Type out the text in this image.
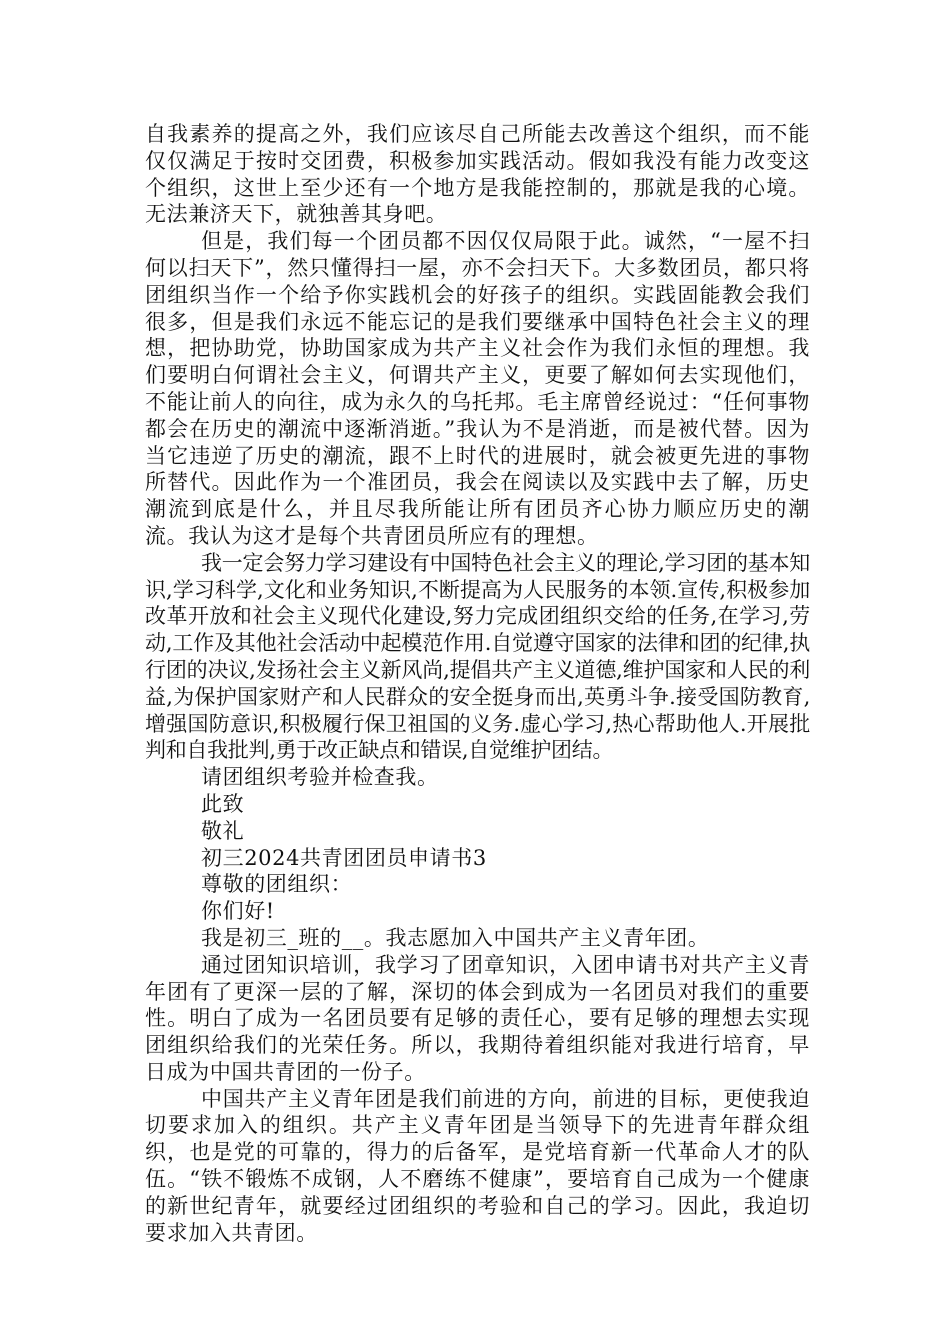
自我素养的提高之外，我们应该尽自己所能去改善这个组织，而不能仅仅满足于按时交团费，积极参加实践活动。假如我没有能力改变这个组织，这世上至少还有一个地方是我能控制的，那就是我的心境。无法兼济天下，就独善其身吧。

但是，我们每一个团员都不因仅仅局限于此。诚然，“一屋不扫何以扫天下”，然只懂得扫一屋，亦不会扫天下。大多数团员，都只将团组织当作一个给予你实践机会的好孩子的组织。实践固能教会我们很多，但是我们永远不能忘记的是我们要继承中国特色社会主义的理想，把协助党，协助国家成为共产主义社会作为我们永恒的理想。我们要明白何谓社会主义，何谓共产主义，更要了解如何去实现他们，不能让前人的向往，成为永久的乌托邦。毛主席曾经说过：“任何事物都会在历史的潮流中逐渐消逝。”我认为不是消逝，而是被代替。因为当它违逆了历史的潮流，跟不上时代的进展时，就会被更先进的事物所替代。因此作为一个准团员，我会在阅读以及实践中去了解，历史潮流到底是什么，并且尽我所能让所有团员齐心协力顺应历史的潮流。我认为这才是每个共青团员所应有的理想。

我一定会努力学习建设有中国特色社会主义的理论,学习团的基本知识,学习科学,文化和业务知识,不断提高为人民服务的本领.宣传,积极参加改革开放和社会主义现代化建设,努力完成团组织交给的任务,在学习,劳动,工作及其他社会活动中起模范作用.自觉遵守国家的法律和团的纪律,执行团的决议,发扬社会主义新风尚,提倡共产主义道德,维护国家和人民的利益,为保护国家财产和人民群众的安全挺身而出,英勇斗争.接受国防教育,增强国防意识,积极履行保卫祖国的义务.虚心学习,热心帮助他人.开展批判和自我批判,勇于改正缺点和错误,自觉维护团结。

请团组织考验并检查我。

此致

敬礼

初三2024共青团团员申请书3

尊敬的团组织：

你们好!

我是初三_班的__。我志愿加入中国共产主义青年团。

通过团知识培训，我学习了团章知识，入团申请书对共产主义青年团有了更深一层的了解，深切的体会到成为一名团员对我们的重要性。明白了成为一名团员要有足够的责任心，要有足够的理想去实现团组织给我们的光荣任务。所以，我期待着组织能对我进行培育，早日成为中国共青团的一份子。

中国共产主义青年团是我们前进的方向，前进的目标，更使我迫切要求加入的组织。共产主义青年团是当领导下的先进青年群众组织，也是党的可靠的，得力的后备军，是党培育新一代革命人才的队伍。“铁不锻炼不成钢，人不磨练不健康”，要培育自己成为一个健康的新世纪青年，就要经过团组织的考验和自己的学习。因此，我迫切要求加入共青团。
